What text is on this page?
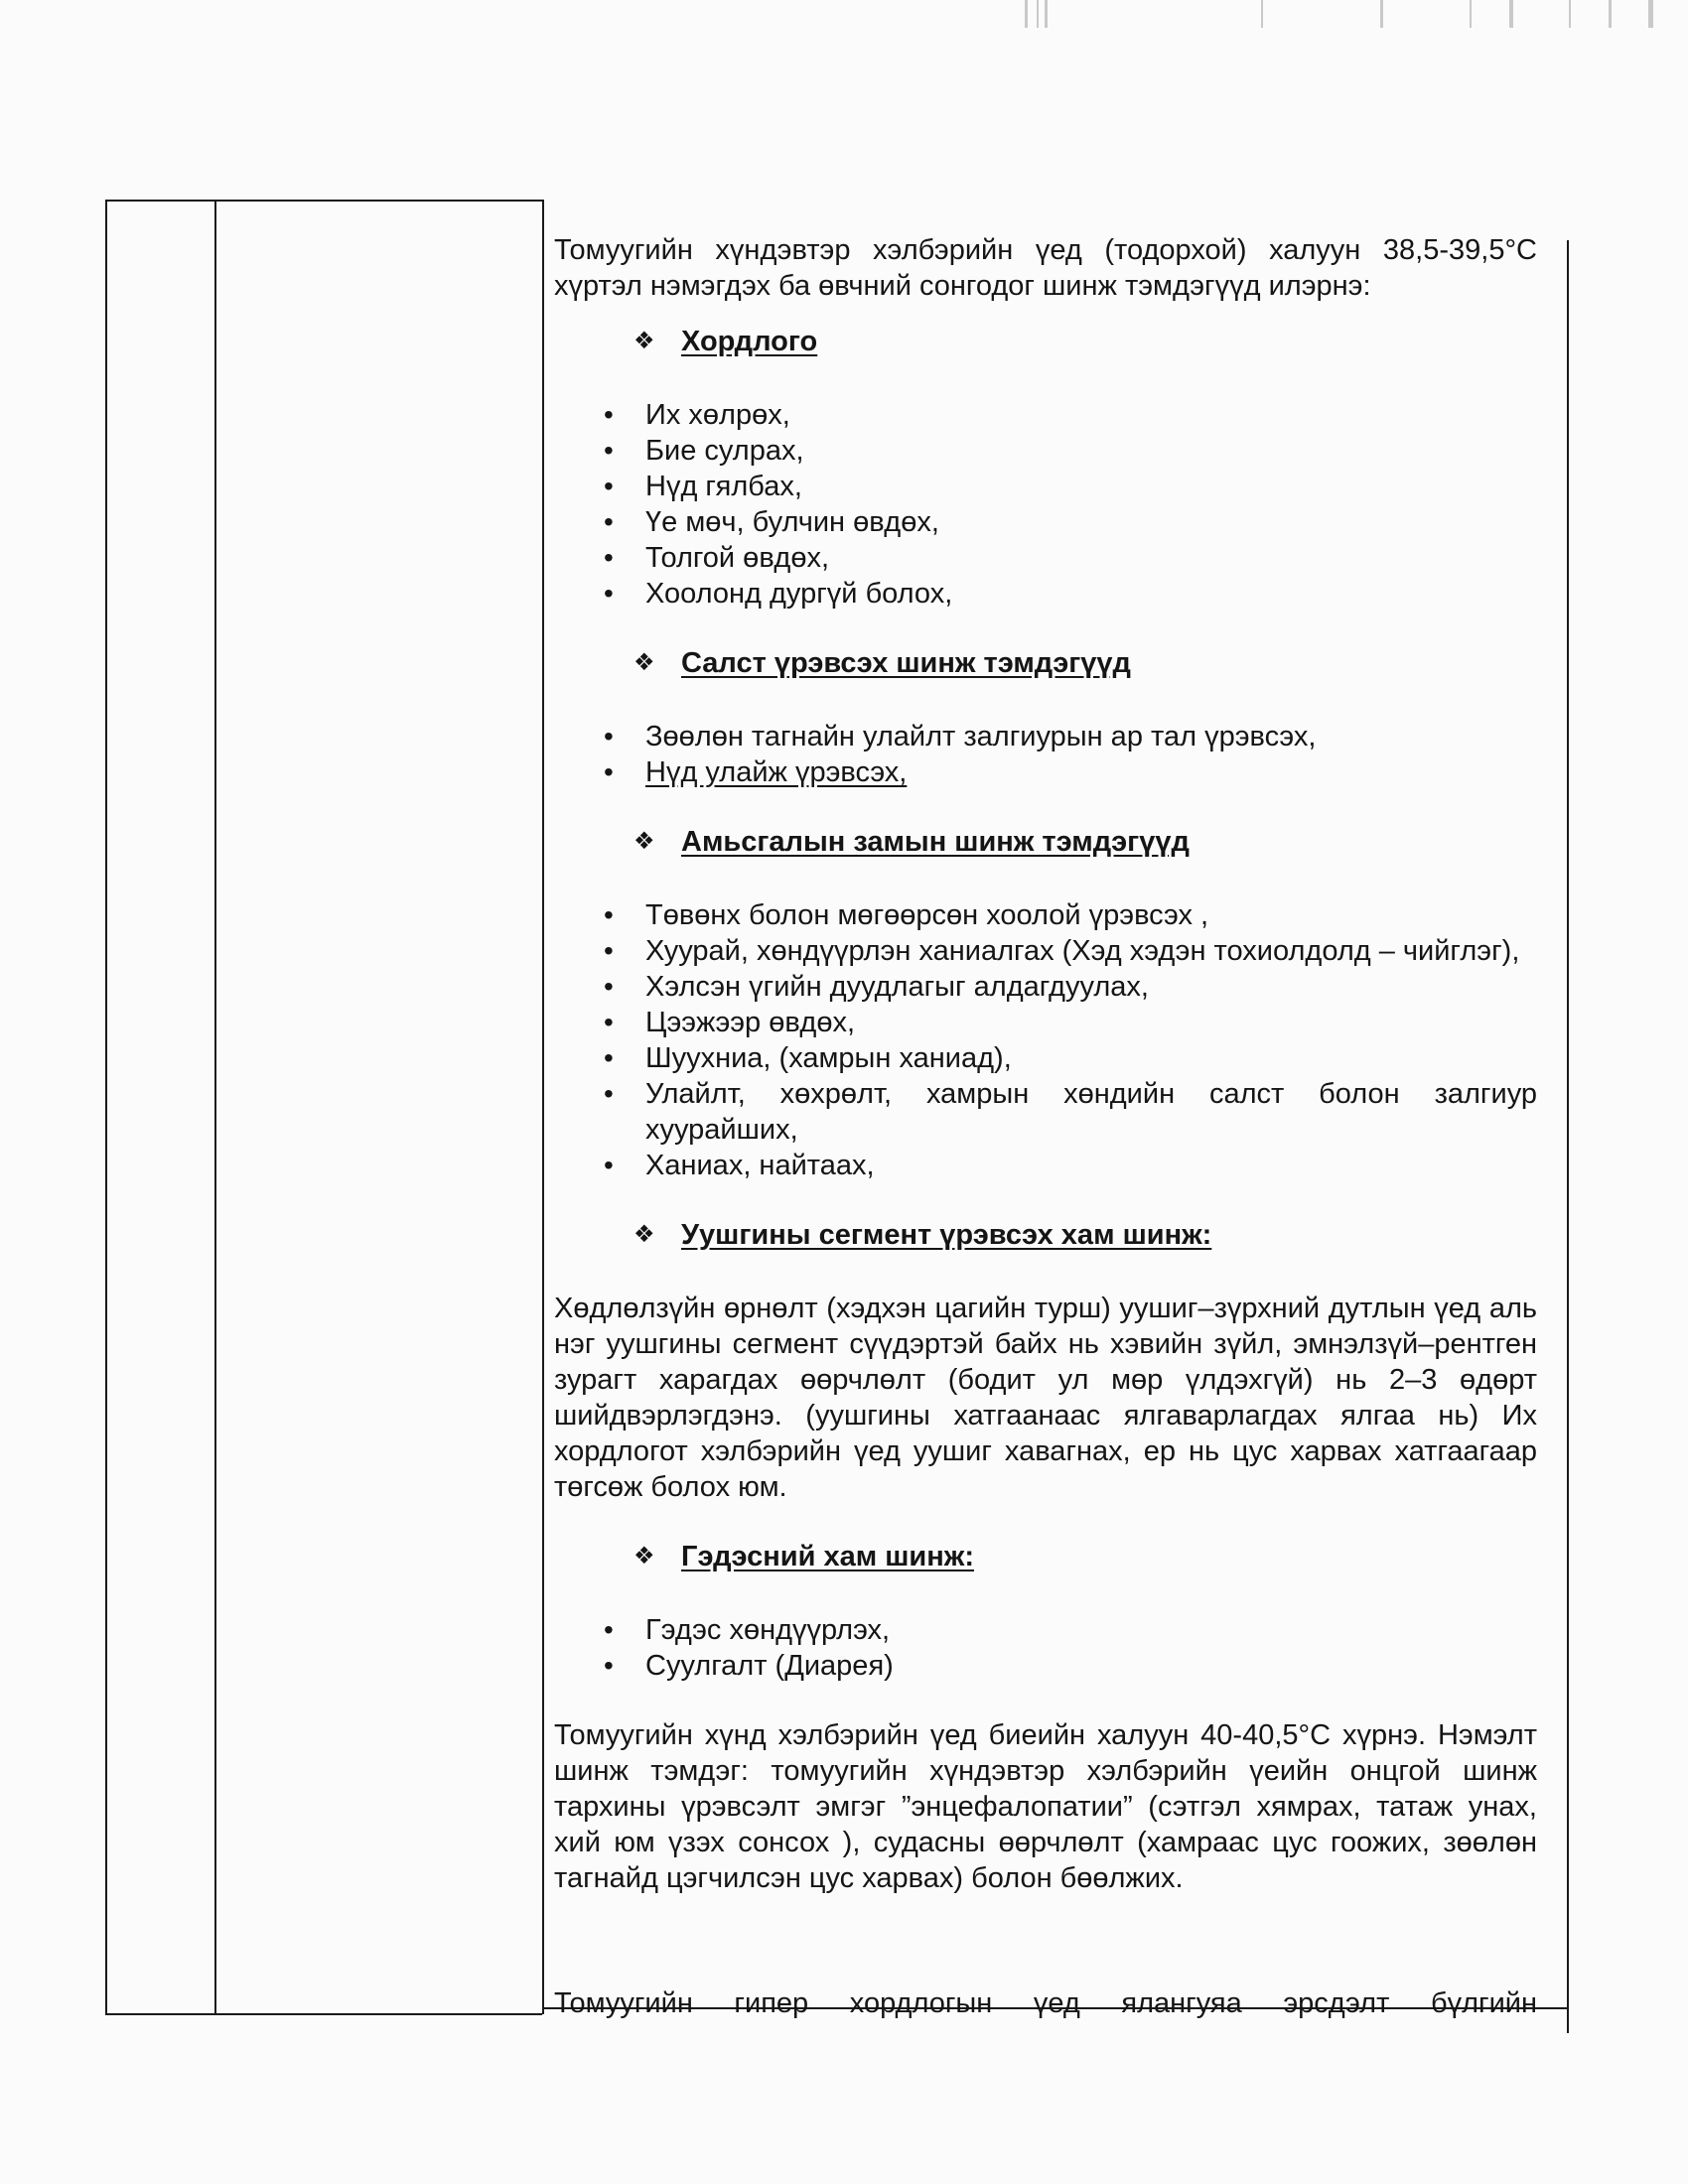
Томуугийн хүндэвтэр хэлбэрийн үед (тодорхой) халуун 38,5-39,5°С хүртэл нэмэгдэх ба өвчний сонгодог шинж тэмдэгүүд илэрнэ:

❖ Хордлого
• Их хөлрөх,
• Бие сулрах,
• Нүд гялбах,
• Үе мөч, булчин өвдөх,
• Толгой өвдөх,
• Хоолонд дургүй болох,
❖ Салст үрэвсэх шинж тэмдэгүүд
• Зөөлөн тагнайн улайлт залгиурын ар тал үрэвсэх,
• Нүд улайж үрэвсэх,
❖ Амьсгалын замын шинж тэмдэгүүд
• Төвөнх болон мөгөөрсөн хоолой үрэвсэх ,
• Хуурай, хөндүүрлэн ханиалгах (Хэд хэдэн тохиолдолд – чийглэг),
• Хэлсэн үгийн дуудлагыг алдагдуулах,
• Цээжээр өвдөх,
• Шуухниа, (хамрын ханиад),
• Улайлт, хөхрөлт, хамрын хөндийн салст болон залгиур хуурайших,
• Ханиах, найтаах,
❖ Уушгины сегмент үрэвсэх хам шинж:

Хөдлөлзүйн өрнөлт (хэдхэн цагийн турш) уушиг–зүрхний дутлын үед аль нэг уушгины сегмент сүүдэртэй байх нь хэвийн зүйл, эмнэлзүй–рентген зурагт харагдах өөрчлөлт (бодит ул мөр үлдэхгүй) нь 2–3 өдөрт шийдвэрлэгдэнэ. (уушгины хатгаанаас ялгаварлагдах ялгаа нь) Их хордлогот хэлбэрийн үед уушиг хавагнах, ер нь цус харвах хатгаагаар төгсөж болох юм.

❖ Гэдэсний хам шинж:
• Гэдэс хөндүүрлэх,
• Суулгалт (Диарея)

Томуугийн хүнд хэлбэрийн үед биеийн халуун 40-40,5°С хүрнэ. Нэмэлт шинж тэмдэг: томуугийн хүндэвтэр хэлбэрийн үеийн онцгой шинж тархины үрэвсэлт эмгэг ”энцефалопатии” (сэтгэл хямрах, татаж унах, хий юм үзэх сонсох ), судасны өөрчлөлт (хамраас цус гоожих, зөөлөн тагнайд цэгчилсэн цус харвах) болон бөөлжих.

Томуугийн гипер хордлогын үед ялангуяа эрсдэлт бүлгийн
